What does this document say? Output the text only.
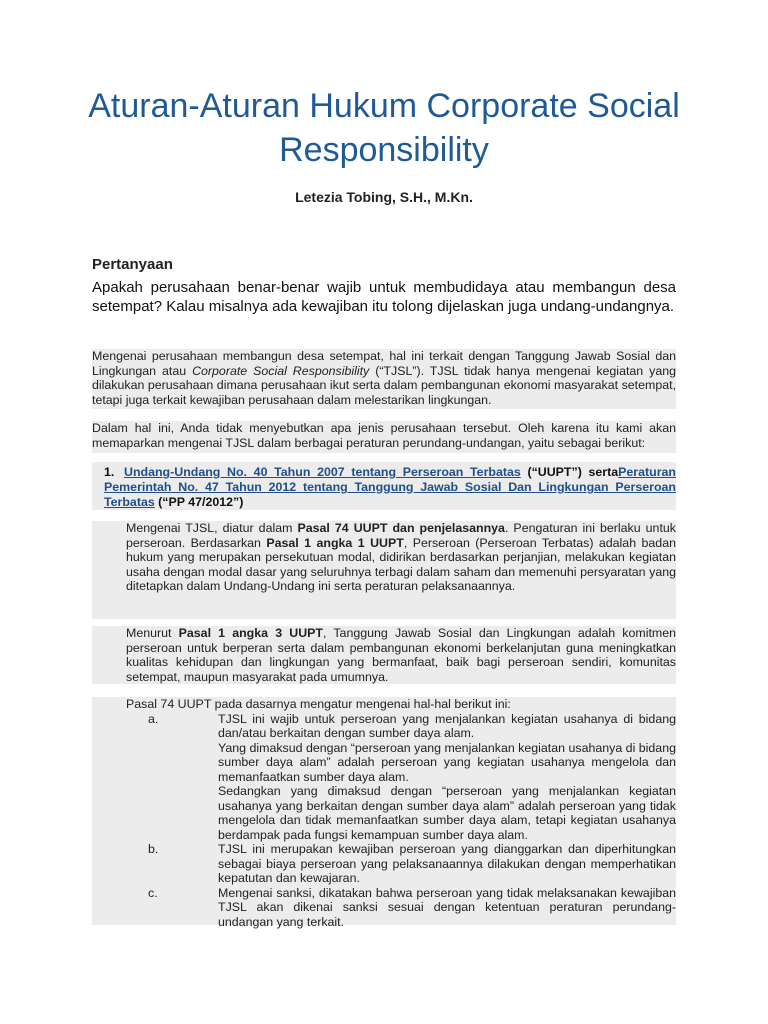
Aturan-Aturan Hukum Corporate Social Responsibility
Letezia Tobing, S.H., M.Kn.
Pertanyaan
Apakah perusahaan benar-benar wajib untuk membudidaya atau membangun desa setempat? Kalau misalnya ada kewajiban itu tolong dijelaskan juga undang-undangnya.

Mengenai perusahaan membangun desa setempat, hal ini terkait dengan Tanggung Jawab Sosial dan Lingkungan atau Corporate Social Responsibility (“TJSL”). TJSL tidak hanya mengenai kegiatan yang dilakukan perusahaan dimana perusahaan ikut serta dalam pembangunan ekonomi masyarakat setempat, tetapi juga terkait kewajiban perusahaan dalam melestarikan lingkungan.

Dalam hal ini, Anda tidak menyebutkan apa jenis perusahaan tersebut. Oleh karena itu kami akan memaparkan mengenai TJSL dalam berbagai peraturan perundang-undangan, yaitu sebagai berikut:

1. Undang-Undang No. 40 Tahun 2007 tentang Perseroan Terbatas (“UUPT”) sertaPeraturan Pemerintah No. 47 Tahun 2012 tentang Tanggung Jawab Sosial Dan Lingkungan Perseroan Terbatas (“PP 47/2012”)

Mengenai TJSL, diatur dalam Pasal 74 UUPT dan penjelasannya. Pengaturan ini berlaku untuk perseroan. Berdasarkan Pasal 1 angka 1 UUPT, Perseroan (Perseroan Terbatas) adalah badan hukum yang merupakan persekutuan modal, didirikan berdasarkan perjanjian, melakukan kegiatan usaha dengan modal dasar yang seluruhnya terbagi dalam saham dan memenuhi persyaratan yang ditetapkan dalam Undang-Undang ini serta peraturan pelaksanaannya.

Menurut Pasal 1 angka 3 UUPT, Tanggung Jawab Sosial dan Lingkungan adalah komitmen perseroan untuk berperan serta dalam pembangunan ekonomi berkelanjutan guna meningkatkan kualitas kehidupan dan lingkungan yang bermanfaat, baik bagi perseroan sendiri, komunitas setempat, maupun masyarakat pada umumnya.

Pasal 74 UUPT pada dasarnya mengatur mengenai hal-hal berikut ini:

a.	TJSL ini wajib untuk perseroan yang menjalankan kegiatan usahanya di bidang dan/atau berkaitan dengan sumber daya alam.
Yang dimaksud dengan “perseroan yang menjalankan kegiatan usahanya di bidang sumber daya alam” adalah perseroan yang kegiatan usahanya mengelola dan memanfaatkan sumber daya alam.
Sedangkan yang dimaksud dengan “perseroan yang menjalankan kegiatan usahanya yang berkaitan dengan sumber daya alam” adalah perseroan yang tidak mengelola dan tidak memanfaatkan sumber daya alam, tetapi kegiatan usahanya berdampak pada fungsi kemampuan sumber daya alam.
b.	TJSL ini merupakan kewajiban perseroan yang dianggarkan dan diperhitungkan sebagai biaya perseroan yang pelaksanaannya dilakukan dengan memperhatikan kepatutan dan kewajaran.
c.	Mengenai sanksi, dikatakan bahwa perseroan yang tidak melaksanakan kewajiban TJSL akan dikenai sanksi sesuai dengan ketentuan peraturan perundang-undangan yang terkait.
